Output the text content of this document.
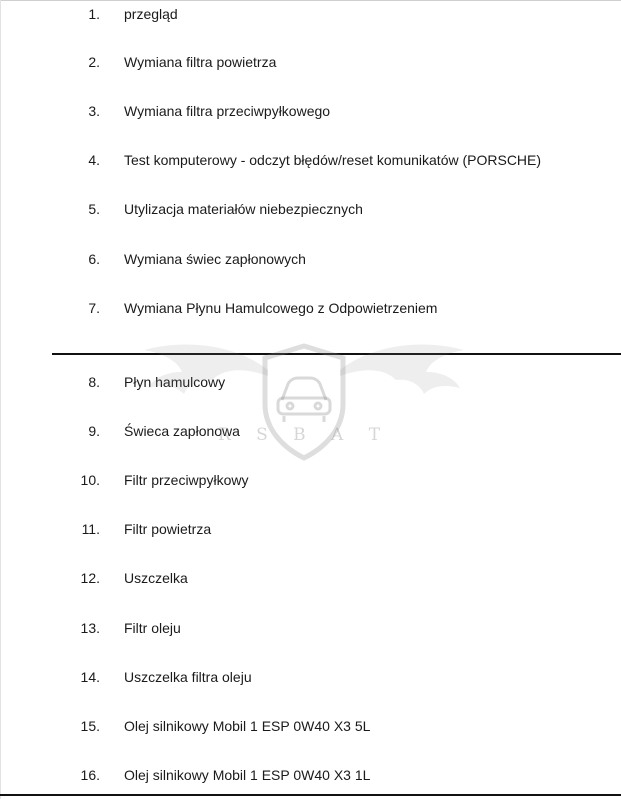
1. przegląd
2. Wymiana filtra powietrza
3. Wymiana filtra przeciwpyłkowego
4. Test komputerowy - odczyt błędów/reset komunikatów (PORSCHE)
5. Utylizacja materiałów niebezpiecznych
6. Wymiana świec zapłonowych
7. Wymiana Płynu Hamulcowego z Odpowietrzeniem
8. Płyn hamulcowy
9. Świeca zapłonowa
10. Filtr przeciwpyłkowy
11. Filtr powietrza
12. Uszczelka
13. Filtr oleju
14. Uszczelka filtra oleju
15. Olej silnikowy Mobil 1 ESP 0W40 X3 5L
16. Olej silnikowy Mobil 1 ESP 0W40 X3 1L
R S B A T
